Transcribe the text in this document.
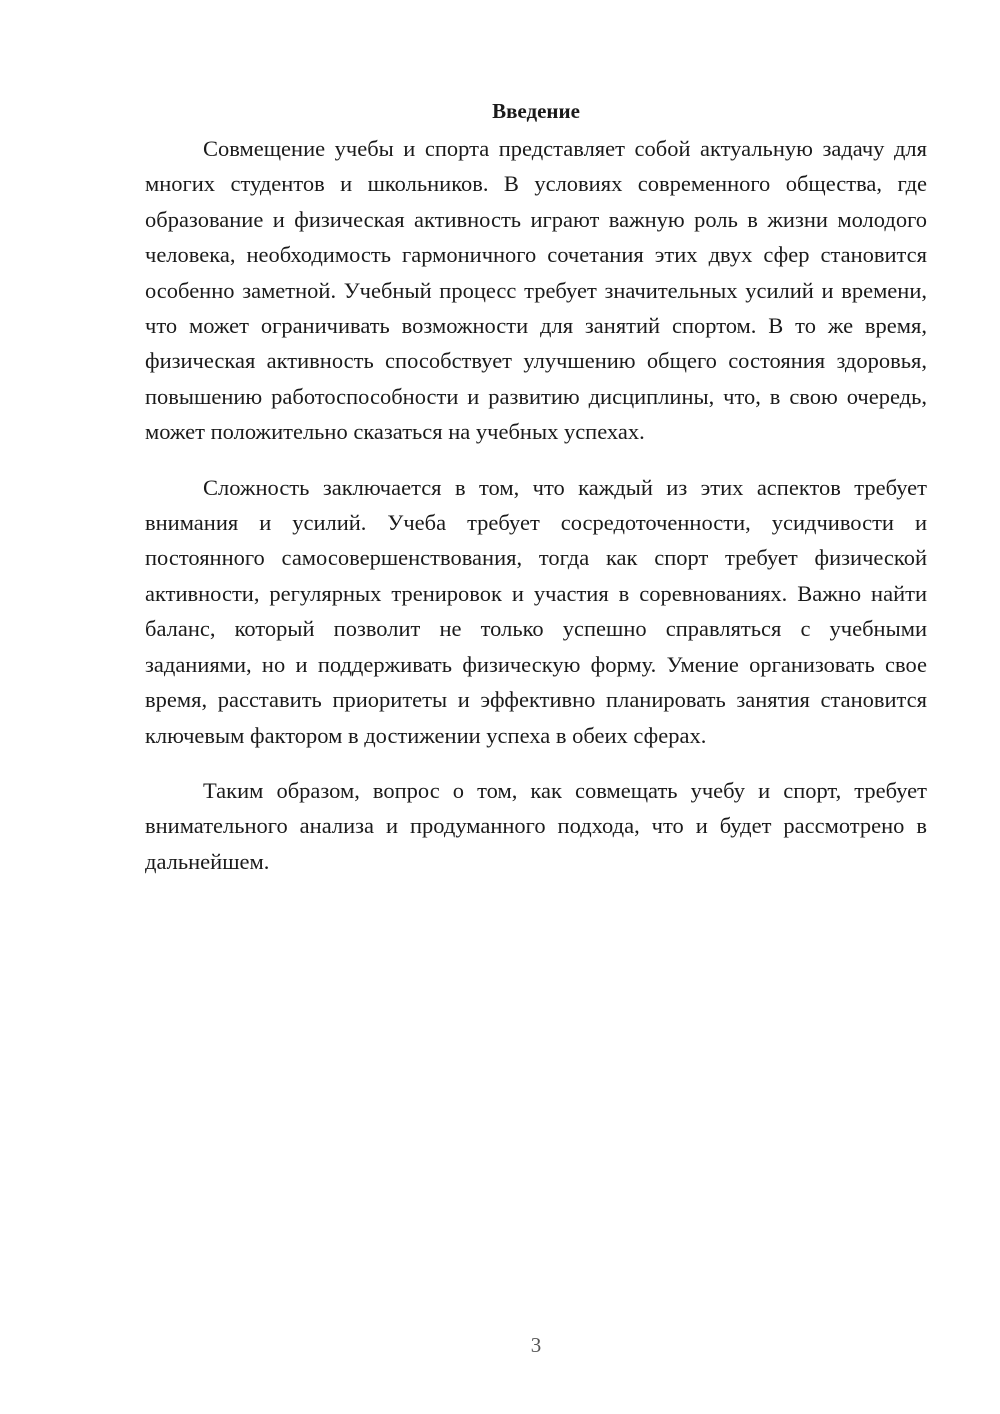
Введение

Совмещение учебы и спорта представляет собой актуальную задачу для многих студентов и школьников. В условиях современного общества, где образование и физическая активность играют важную роль в жизни молодого человека, необходимость гармоничного сочетания этих двух сфер становится особенно заметной. Учебный процесс требует значительных усилий и времени, что может ограничивать возможности для занятий спортом. В то же время, физическая активность способствует улучшению общего состояния здоровья, повышению работоспособности и развитию дисциплины, что, в свою очередь, может положительно сказаться на учебных успехах.

Сложность заключается в том, что каждый из этих аспектов требует внимания и усилий. Учеба требует сосредоточенности, усидчивости и постоянного самосовершенствования, тогда как спорт требует физической активности, регулярных тренировок и участия в соревнованиях. Важно найти баланс, который позволит не только успешно справляться с учебными заданиями, но и поддерживать физическую форму. Умение организовать свое время, расставить приоритеты и эффективно планировать занятия становится ключевым фактором в достижении успеха в обеих сферах.

Таким образом, вопрос о том, как совмещать учебу и спорт, требует внимательного анализа и продуманного подхода, что и будет рассмотрено в дальнейшем.

3
